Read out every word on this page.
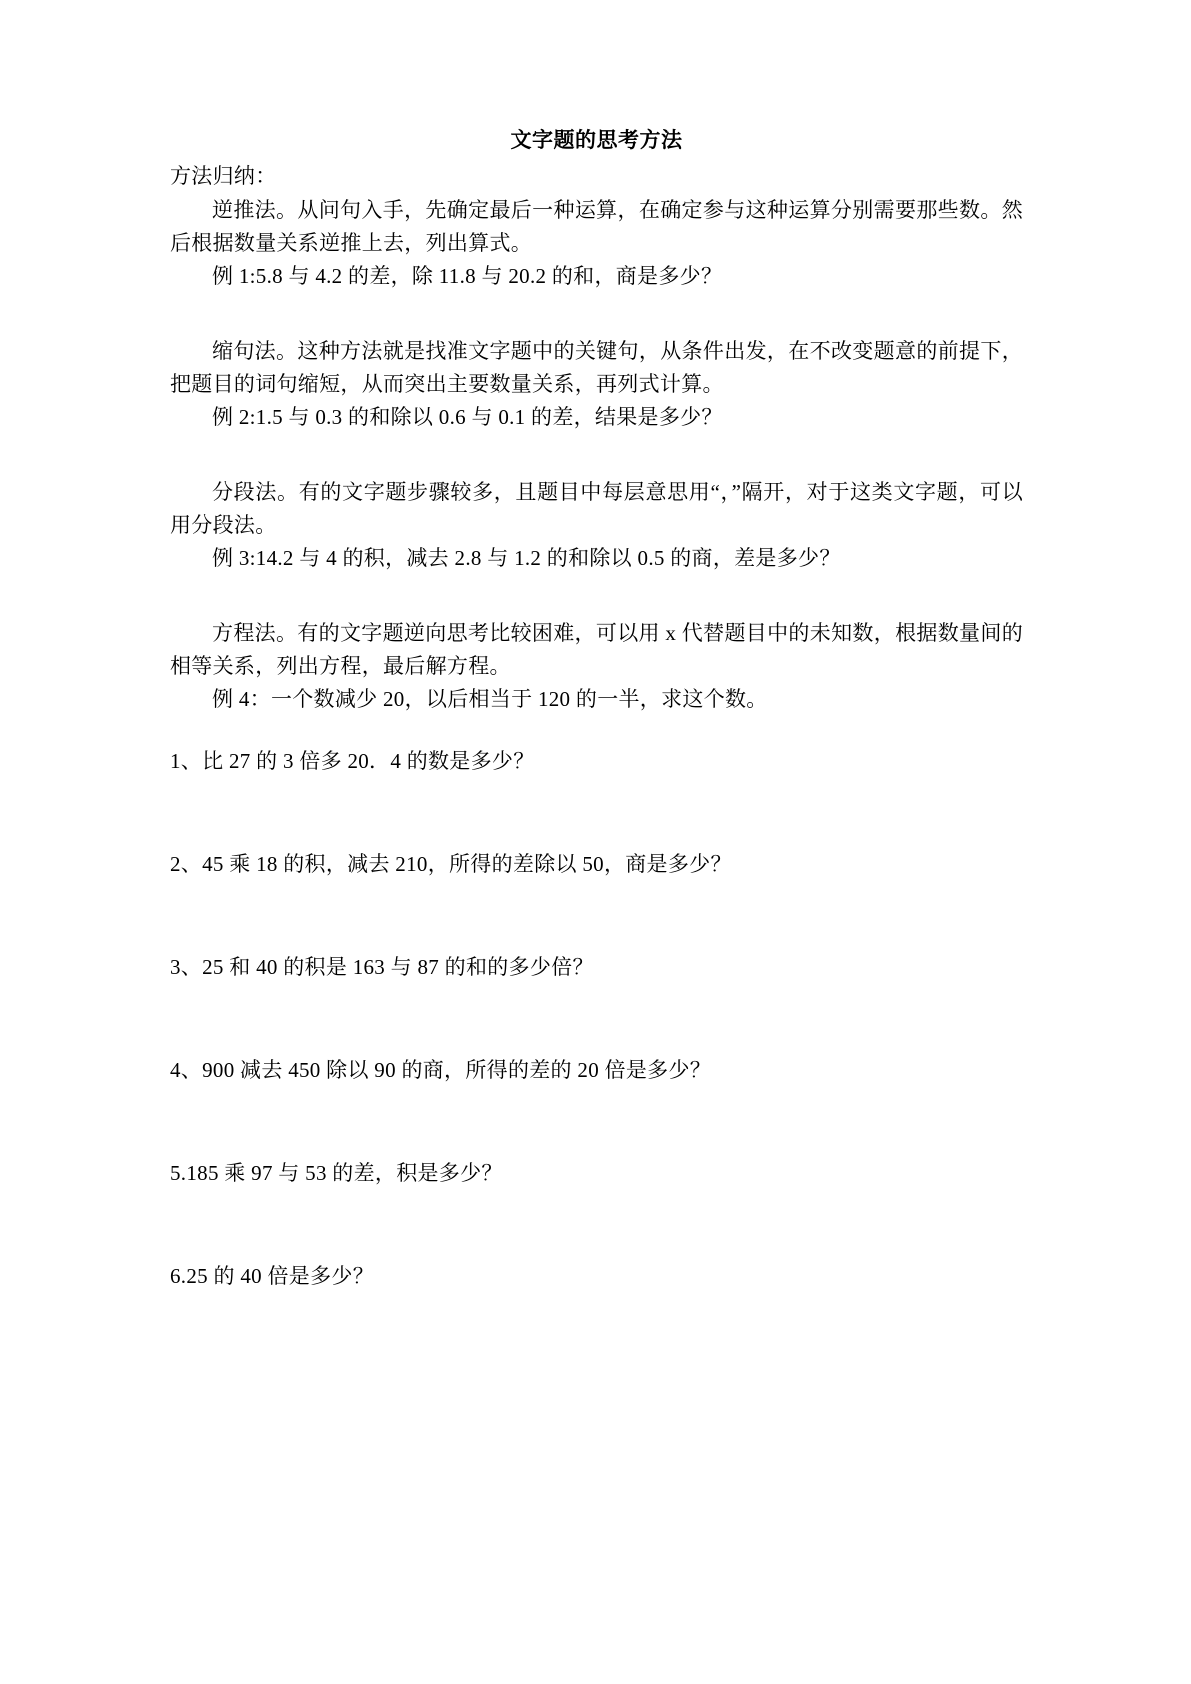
文字题的思考方法

方法归纳：

逆推法。从问句入手，先确定最后一种运算，在确定参与这种运算分别需要那些数。然后根据数量关系逆推上去，列出算式。

例 1:5.8 与 4.2 的差，除 11.8 与 20.2 的和，商是多少？

缩句法。这种方法就是找准文字题中的关键句，从条件出发，在不改变题意的前提下，把题目的词句缩短，从而突出主要数量关系，再列式计算。

例 2:1.5 与 0.3 的和除以 0.6 与 0.1 的差，结果是多少？

分段法。有的文字题步骤较多，且题目中每层意思用“，”隔开，对于这类文字题，可以用分段法。

例 3:14.2 与 4 的积，减去 2.8 与 1.2 的和除以 0.5 的商，差是多少？

方程法。有的文字题逆向思考比较困难，可以用 x 代替题目中的未知数，根据数量间的相等关系，列出方程，最后解方程。

例 4：一个数减少 20，以后相当于 120 的一半，求这个数。

1、比 27 的 3 倍多 20．4 的数是多少？

2、45 乘 18 的积，减去 210，所得的差除以 50，商是多少？

3、25 和 40 的积是 163 与 87 的和的多少倍？

4、900 减去 450 除以 90 的商，所得的差的 20 倍是多少？

5.185 乘 97 与 53 的差，积是多少？

6.25 的 40 倍是多少？
